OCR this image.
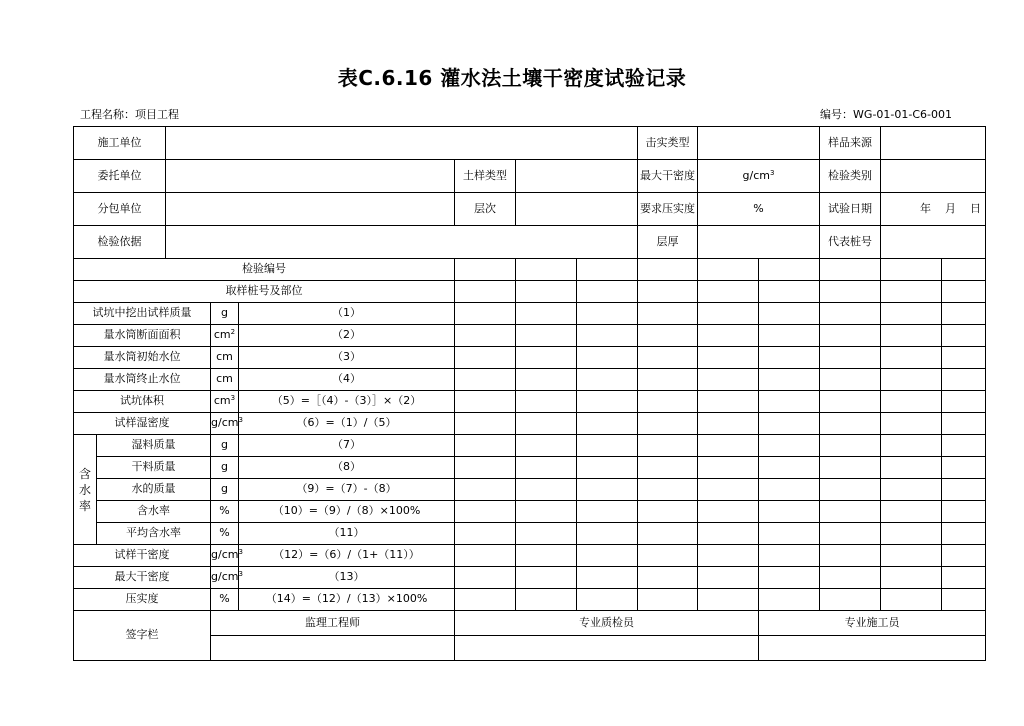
表C.6.16 灌水法土壤干密度试验记录
工程名称：项目工程	编号：WG-01-01-C6-001
施工单位								击实类型			样品来源		
委托单位					土样类型			最大干密度	$g/cm^3$		检验类别		
分包单位					层次			要求压实度	%		试验日期	年 月 日	
检验依据								层厚			代表桩号		
检验编号													
取样桩号及部位													
试坑中挖出试样质量			g	（1）									
量水筒断面面积			$cm^2$	（2）									
量水筒初始水位			cm	（3）									
量水筒终止水位			cm	（4）									
试坑体积			$cm^3$	（5）=［（4）-（3）］×（2）									
试样湿密度			$g/cm^3$	（6）=（1）/（5）									

含水率	湿料质量		g	（7）									
	干料质量		g	（8）									
	水的质量		g	（9）=（7）-（8）									
	含水率		%	（10）=（9）/（8）×100%									
	平均含水率		%	（11）									
试样干密度			$g/cm^3$	（12）=（6）/（1+（11））									
最大干密度			$g/cm^3$	（13）									
压实度			%	（14）=（12）/（13）×100%									
签字栏			监理工程师		专业质检员					专业施工员			
